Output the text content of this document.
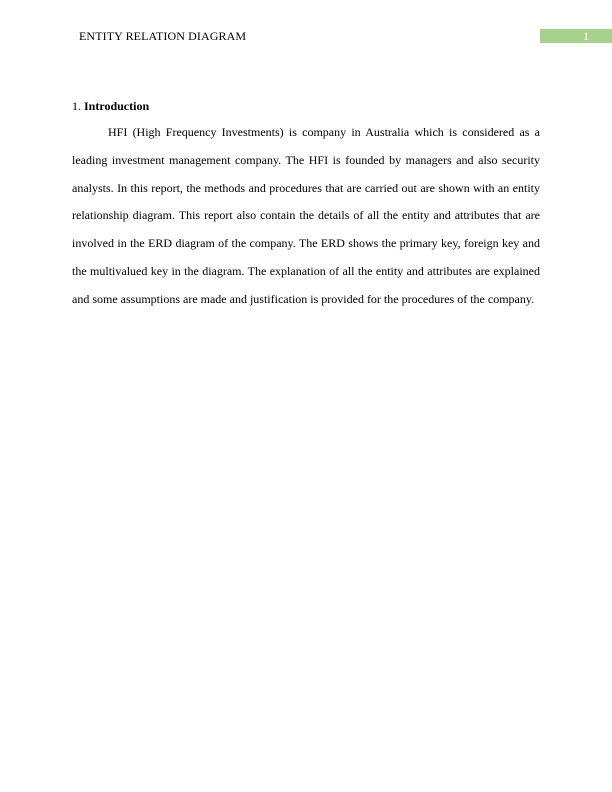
ENTITY RELATION DIAGRAM	1
1. Introduction

HFI (High Frequency Investments) is company in Australia which is considered as a leading investment management company. The HFI is founded by managers and also security analysts. In this report, the methods and procedures that are carried out are shown with an entity relationship diagram. This report also contain the details of all the entity and attributes that are involved in the ERD diagram of the company. The ERD shows the primary key, foreign key and the multivalued key in the diagram. The explanation of all the entity and attributes are explained and some assumptions are made and justification is provided for the procedures of the company.
